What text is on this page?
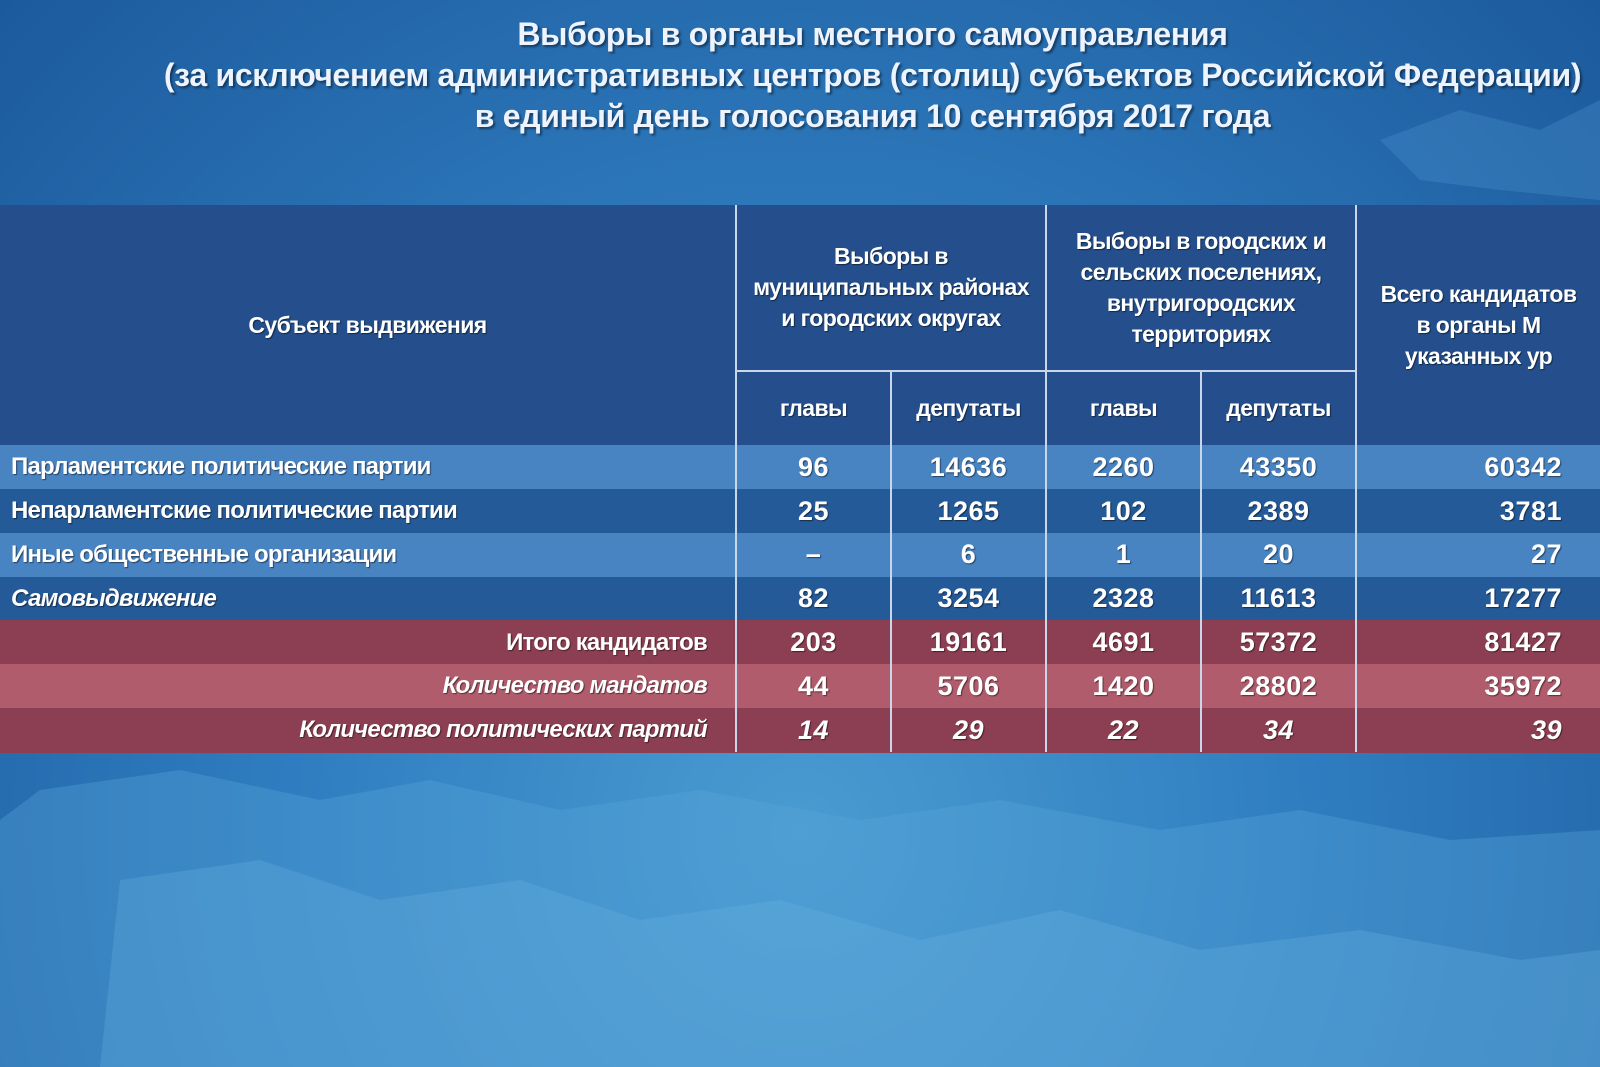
Выборы в органы местного самоуправления
(за исключением административных центров (столиц) субъектов Российской Федерации)
в единый день голосования 10 сентября 2017 года
Субъект выдвижения
Выборы в муниципальных районах и городских округах
Выборы в городских и сельских поселениях, внутригородских территориях
Всего кандидатов
в органы М
указанных ур
главы	депутаты	главы	депутаты
Парламентские политические партии	96	14636	2260	43350	60342
Непарламентские политические партии	25	1265	102	2389	3781
Иные общественные организации	–	6	1	20	27
Самовыдвижение	82	3254	2328	11613	17277
Итого кандидатов	203	19161	4691	57372	81427
Количество мандатов	44	5706	1420	28802	35972
Количество политических партий	14	29	22	34	39
